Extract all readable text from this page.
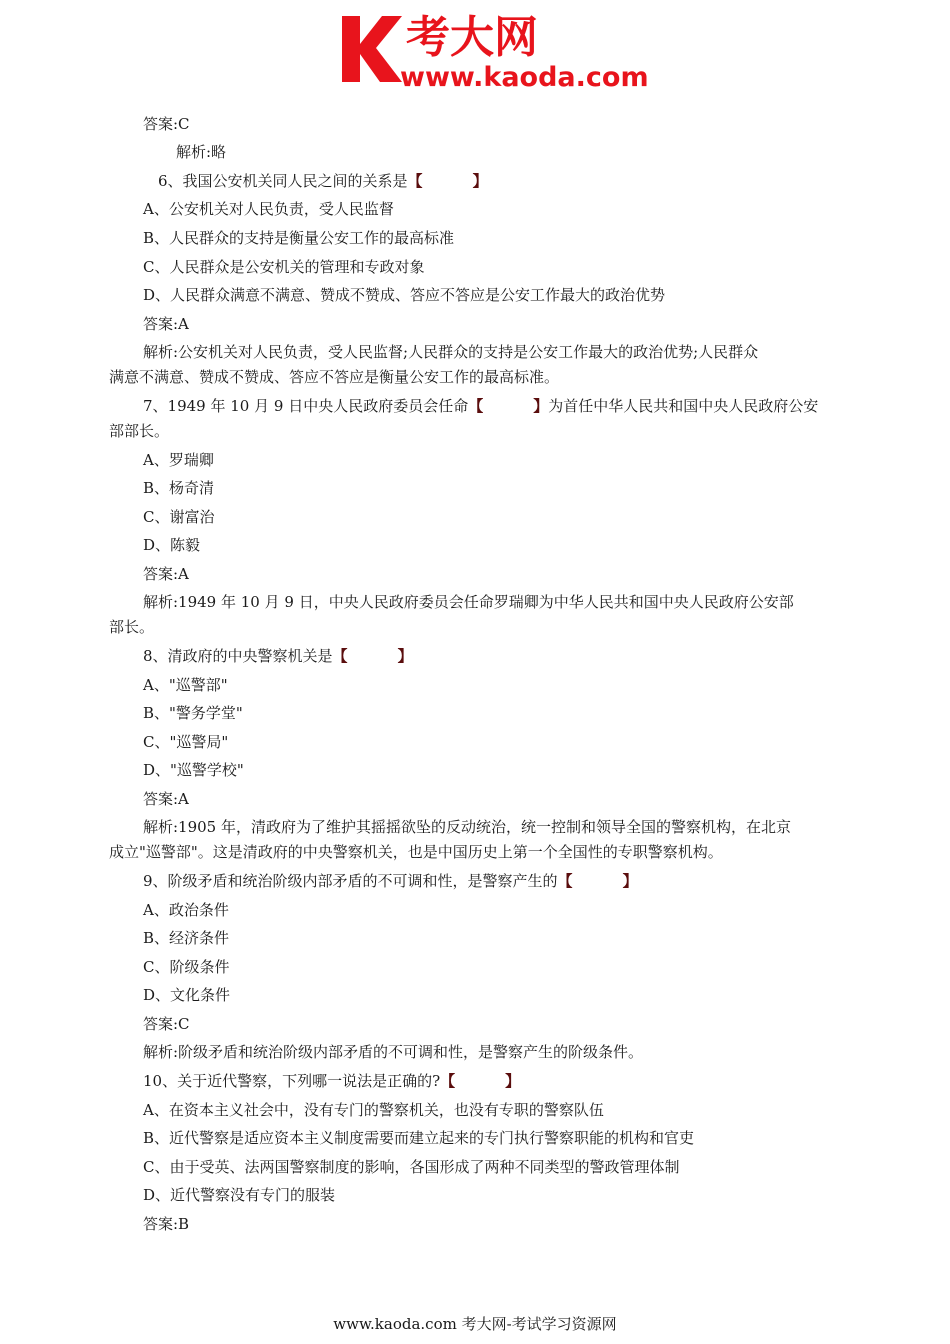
考大网
www.kaoda.com
答案:C
解析:略
6、我国公安机关同人民之间的关系是【	】
A、公安机关对人民负责，受人民监督
B、人民群众的支持是衡量公安工作的最高标准
C、人民群众是公安机关的管理和专政对象
D、人民群众满意不满意、赞成不赞成、答应不答应是公安工作最大的政治优势
答案:A
解析:公安机关对人民负责，受人民监督;人民群众的支持是公安工作最大的政治优势;人民群众
满意不满意、赞成不赞成、答应不答应是衡量公安工作的最高标准。
7、1949 年 10 月 9 日中央人民政府委员会任命【	】为首任中华人民共和国中央人民政府公安
部部长。
A、罗瑞卿
B、杨奇清
C、谢富治
D、陈毅
答案:A
解析:1949 年 10 月 9 日，中央人民政府委员会任命罗瑞卿为中华人民共和国中央人民政府公安部
部长。
8、清政府的中央警察机关是【	】
A、"巡警部"
B、"警务学堂"
C、"巡警局"
D、"巡警学校"
答案:A
解析:1905 年，清政府为了维护其摇摇欲坠的反动统治，统一控制和领导全国的警察机构，在北京
成立"巡警部"。这是清政府的中央警察机关，也是中国历史上第一个全国性的专职警察机构。
9、阶级矛盾和统治阶级内部矛盾的不可调和性，是警察产生的【	】
A、政治条件
B、经济条件
C、阶级条件
D、文化条件
答案:C
解析:阶级矛盾和统治阶级内部矛盾的不可调和性，是警察产生的阶级条件。
10、关于近代警察，下列哪一说法是正确的?【	】
A、在资本主义社会中，没有专门的警察机关，也没有专职的警察队伍
B、近代警察是适应资本主义制度需要而建立起来的专门执行警察职能的机构和官吏
C、由于受英、法两国警察制度的影响，各国形成了两种不同类型的警政管理体制
D、近代警察没有专门的服装
答案:B
www.kaoda.com 考大网-考试学习资源网
